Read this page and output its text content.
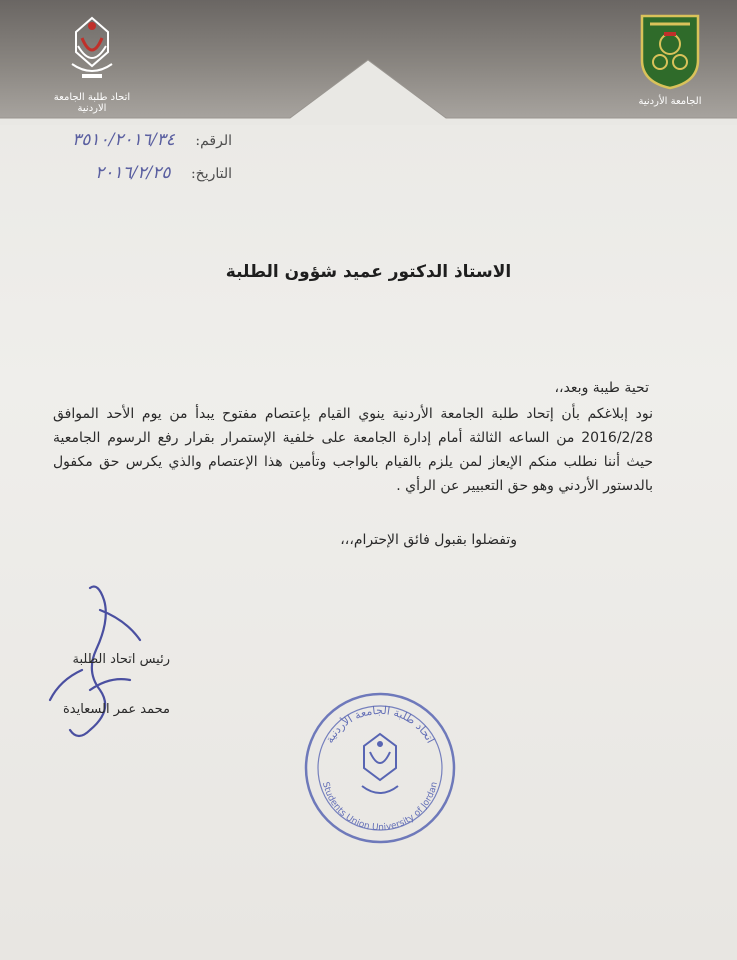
اتحاد طلبة الجامعة الاردنية
الجامعة الأردنية
الرقم: ٣٥١٠/٢٠١٦/٣٤
التاريخ: ٢٠١٦/٢/٢٥
الاستاذ الدكتور عميد شؤون الطلبة
تحية طيبة وبعد،،
نود إبلاغكم بأن إتحاد طلبة الجامعة الأردنية ينوي القيام بإعتصام مفتوح يبدأ من يوم الأحد الموافق 2016/2/28 من الساعه الثالثة أمام إدارة الجامعة على خلفية الإستمرار بقرار رفع الرسوم الجامعية حيث أننا نطلب منكم الإيعاز لمن يلزم بالقيام بالواجب وتأمين هذا الإعتصام والذي يكرس حق مكفول بالدستور الأردني وهو حق التعبيير عن الرأي .
وتفضلوا بقبول فائق الإحترام،،،
رئيس اتحاد الطلبة
محمد عمر السعايدة
اتحاد طلبة الجامعة الأردنية
Students Union University of Jordan
